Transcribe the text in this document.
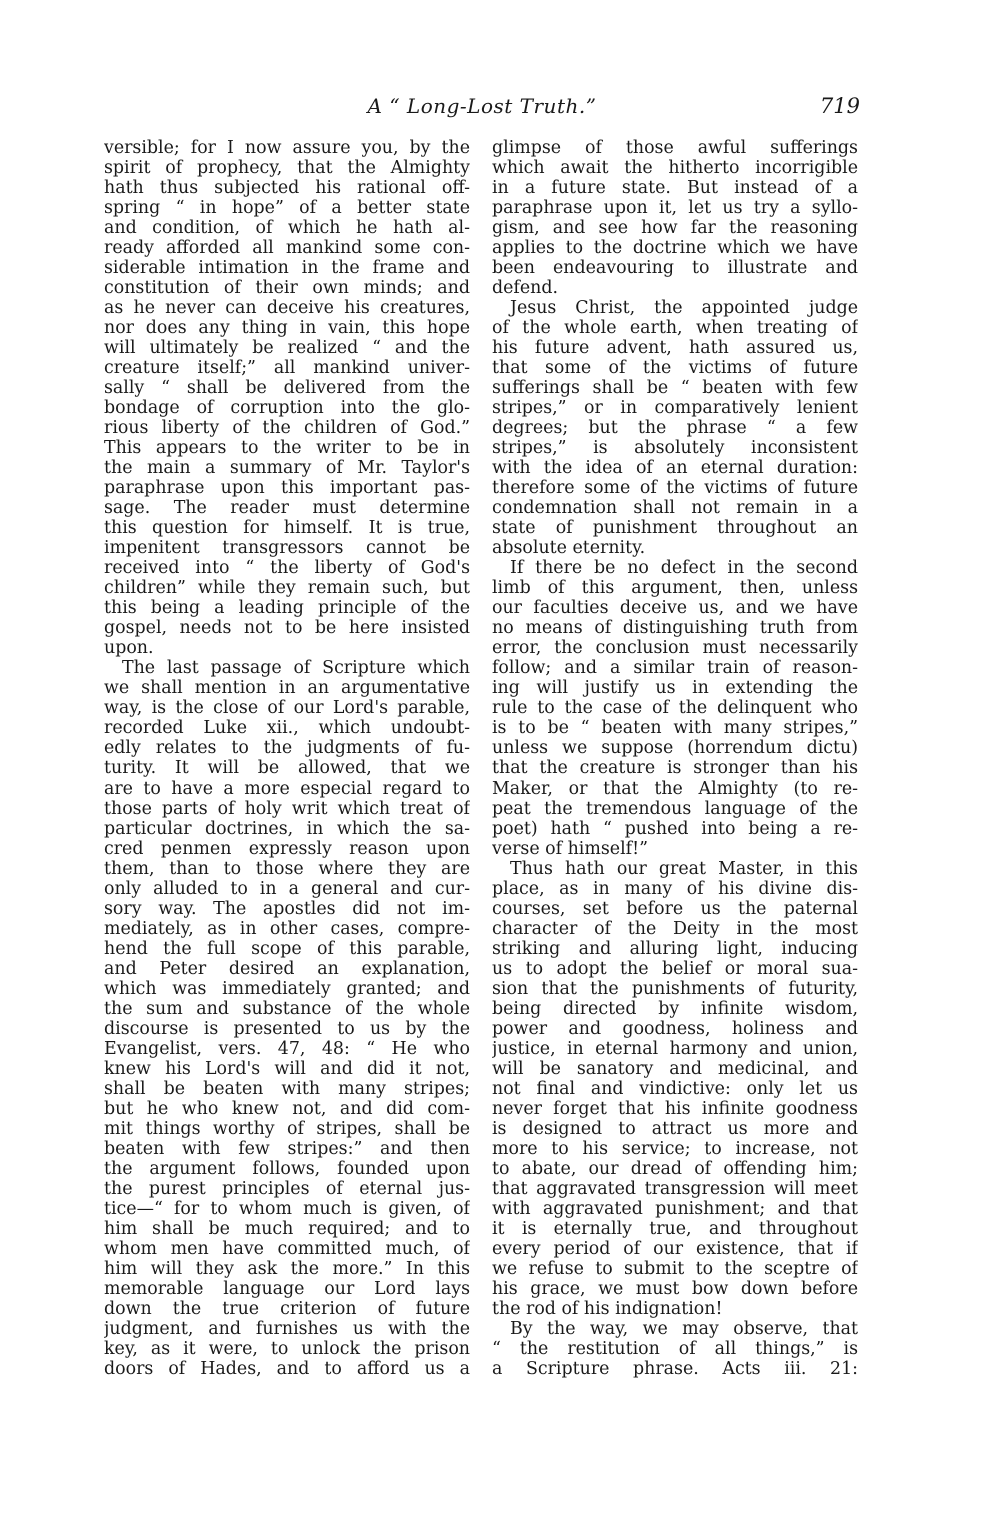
A “ Long-Lost Truth.”	719
versible; for I now assure you, by the
spirit of prophecy, that the Almighty
hath thus subjected his rational off-
spring “ in hope” of a better state
and condition, of which he hath al-
ready afforded all mankind some con-
siderable intimation in the frame and
constitution of their own minds; and
as he never can deceive his creatures,
nor does any thing in vain, this hope
will ultimately be realized “ and the
creature itself;” all mankind univer-
sally “ shall be delivered from the
bondage of corruption into the glo-
rious liberty of the children of God.”
This appears to the writer to be in
the main a summary of Mr. Taylor's
paraphrase upon this important pas-
sage. The reader must determine
this question for himself. It is true,
impenitent transgressors cannot be
received into “ the liberty of God's
children” while they remain such, but
this being a leading principle of the
gospel, needs not to be here insisted
upon.
The last passage of Scripture which
we shall mention in an argumentative
way, is the close of our Lord's parable,
recorded Luke xii., which undoubt-
edly relates to the judgments of fu-
turity. It will be allowed, that we
are to have a more especial regard to
those parts of holy writ which treat of
particular doctrines, in which the sa-
cred penmen expressly reason upon
them, than to those where they are
only alluded to in a general and cur-
sory way. The apostles did not im-
mediately, as in other cases, compre-
hend the full scope of this parable,
and Peter desired an explanation,
which was immediately granted; and
the sum and substance of the whole
discourse is presented to us by the
Evangelist, vers. 47, 48: “ He who
knew his Lord's will and did it not,
shall be beaten with many stripes;
but he who knew not, and did com-
mit things worthy of stripes, shall be
beaten with few stripes:” and then
the argument follows, founded upon
the purest principles of eternal jus-
tice—“ for to whom much is given, of
him shall be much required; and to
whom men have committed much, of
him will they ask the more.” In this
memorable language our Lord lays
down the true criterion of future
judgment, and furnishes us with the
key, as it were, to unlock the prison
doors of Hades, and to afford us a
glimpse of those awful sufferings
which await the hitherto incorrigible
in a future state. But instead of a
paraphrase upon it, let us try a syllo-
gism, and see how far the reasoning
applies to the doctrine which we have
been endeavouring to illustrate and
defend.
Jesus Christ, the appointed judge
of the whole earth, when treating of
his future advent, hath assured us,
that some of the victims of future
sufferings shall be “ beaten with few
stripes,” or in comparatively lenient
degrees; but the phrase “ a few
stripes,” is absolutely inconsistent
with the idea of an eternal duration:
therefore some of the victims of future
condemnation shall not remain in a
state of punishment throughout an
absolute eternity.
If there be no defect in the second
limb of this argument, then, unless
our faculties deceive us, and we have
no means of distinguishing truth from
error, the conclusion must necessarily
follow; and a similar train of reason-
ing will justify us in extending the
rule to the case of the delinquent who
is to be “ beaten with many stripes,”
unless we suppose (horrendum dictu)
that the creature is stronger than his
Maker, or that the Almighty (to re-
peat the tremendous language of the
poet) hath “ pushed into being a re-
verse of himself!”
Thus hath our great Master, in this
place, as in many of his divine dis-
courses, set before us the paternal
character of the Deity in the most
striking and alluring light, inducing
us to adopt the belief or moral sua-
sion that the punishments of futurity,
being directed by infinite wisdom,
power and goodness, holiness and
justice, in eternal harmony and union,
will be sanatory and medicinal, and
not final and vindictive: only let us
never forget that his infinite goodness
is designed to attract us more and
more to his service; to increase, not
to abate, our dread of offending him;
that aggravated transgression will meet
with aggravated punishment; and that
it is eternally true, and throughout
every period of our existence, that if
we refuse to submit to the sceptre of
his grace, we must bow down before
the rod of his indignation!
By the way, we may observe, that
“ the restitution of all things,” is
a Scripture phrase. Acts iii. 21:
